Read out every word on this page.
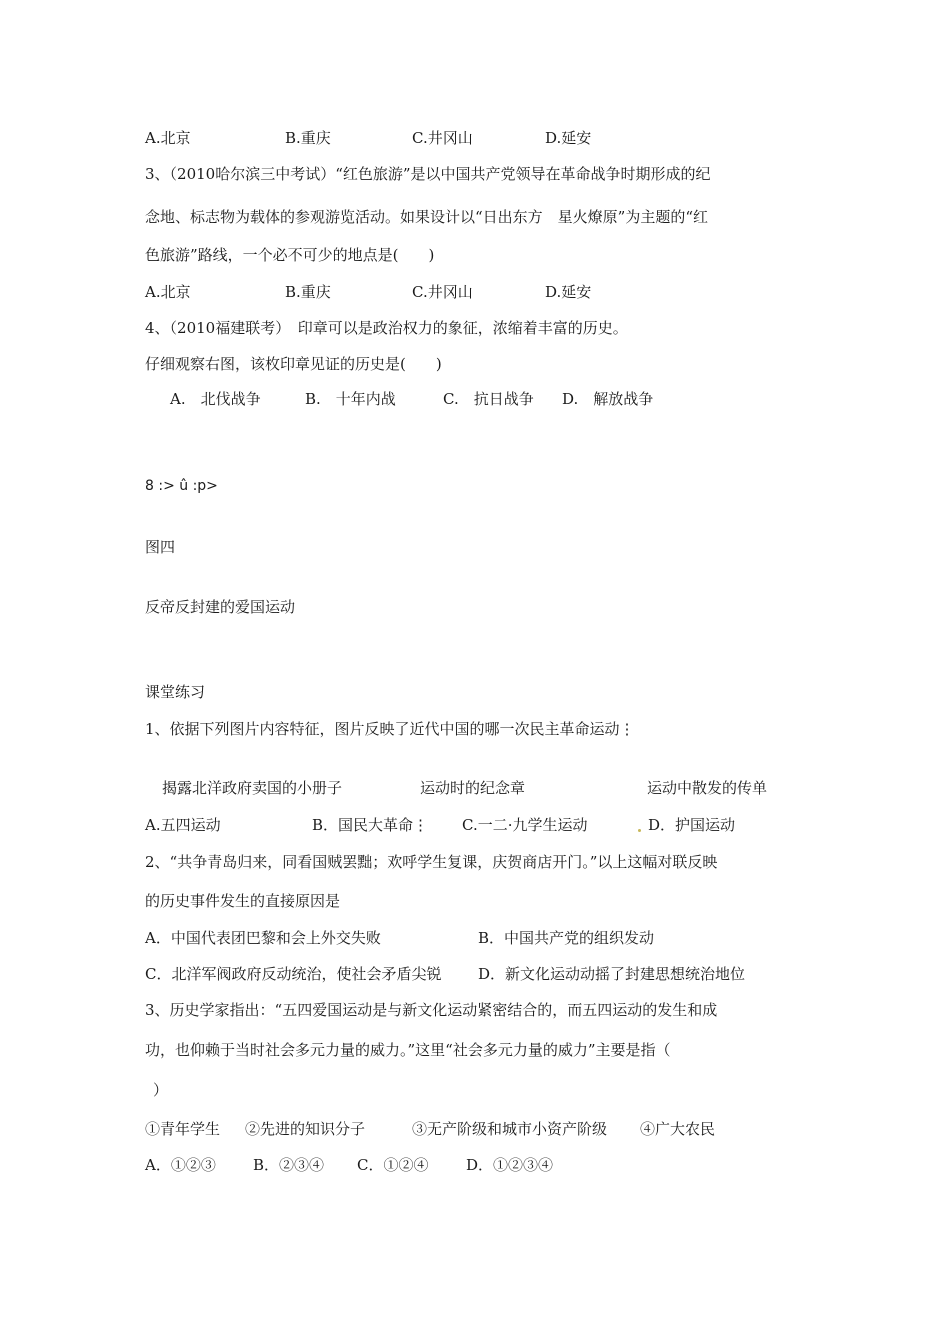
A.北京	B.重庆	C.井冈山	D.延安
3、（2010哈尔滨三中考试）“红色旅游”是以中国共产党领导在革命战争时期形成的纪
念地、标志物为载体的参观游览活动。如果设计以“日出东方　星火燎原”为主题的“红
色旅游”路线，一个必不可少的地点是(　　)
A.北京	B.重庆	C.井冈山	D.延安
4、（2010福建联考）　印章可以是政治权力的象征，浓缩着丰富的历史。
仔细观察右图，该枚印章见证的历史是(　　)
A.　北伐战争	B.　十年内战	C.　抗日战争 D.　解放战争
8 :> û :p>
图四
反帝反封建的爱国运动
课堂练习
1、依据下列图片内容特征，图片反映了近代中国的哪一次民主革命运动⋮
揭露北洋政府卖国的小册子	运动时的纪念章	运动中散发的传单
A.五四运动	B．国民大革命⋮ C.一二·九学生运动	D．护国运动
2、“共争青岛归来，同看国贼罢黜；欢呼学生复课，庆贺商店开门。”以上这幅对联反映
的历史事件发生的直接原因是
A．中国代表团巴黎和会上外交失败	B．中国共产党的组织发动
C．北洋军阀政府反动统治，使社会矛盾尖锐 D．新文化运动动摇了封建思想统治地位
3、历史学家指出：“五四爱国运动是与新文化运动紧密结合的，而五四运动的发生和成
功，也仰赖于当时社会多元力量的威力。”这里“社会多元力量的威力”主要是指（
）
①青年学生 ②先进的知识分子	③无产阶级和城市小资产阶级 ④广大农民
A．①②③ B．②③④ C．①②④	D．①②③④
